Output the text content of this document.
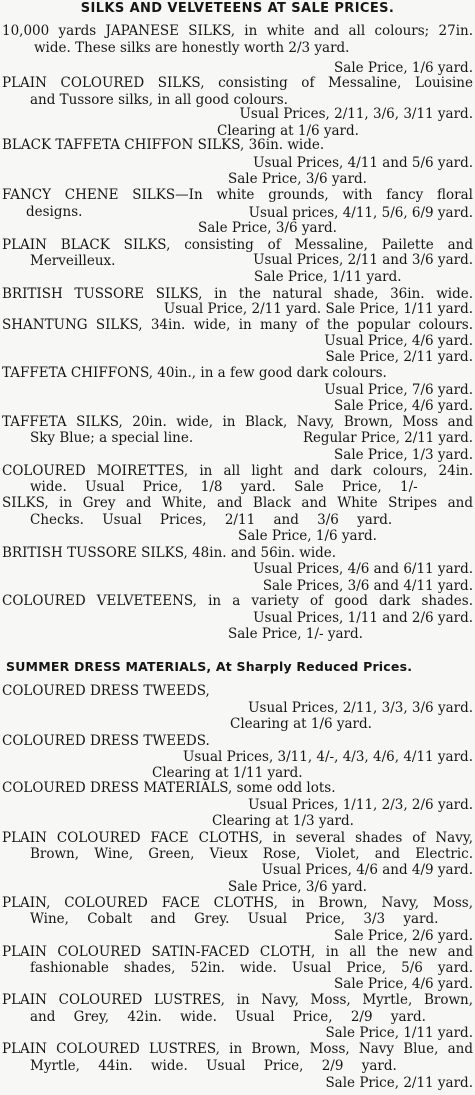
SILKS AND VELVETEENS AT SALE PRICES.
10,000 yards JAPANESE SILKS, in white and all colours; 27in.
wide. These silks are honestly worth 2/3 yard.
Sale Price, 1/6 yard.
PLAIN COLOURED SILKS, consisting of Messaline, Louisine
and Tussore silks, in all good colours.
Usual Prices, 2/11, 3/6, 3/11 yard.
Clearing at 1/6 yard.
BLACK TAFFETA CHIFFON SILKS, 36in. wide.
Usual Prices, 4/11 and 5/6 yard.
Sale Price, 3/6 yard.
FANCY CHENE SILKS—In white grounds, with fancy floral
designs.	Usual prices, 4/11, 5/6, 6/9 yard.
Sale Price, 3/6 yard.
PLAIN BLACK SILKS, consisting of Messaline, Pailette and
Merveilleux.	Usual Prices, 2/11 and 3/6 yard.
Sale Price, 1/11 yard.
BRITISH TUSSORE SILKS, in the natural shade, 36in. wide.
Usual Price, 2/11 yard. Sale Price, 1/11 yard.
SHANTUNG SILKS, 34in. wide, in many of the popular colours.
Usual Price, 4/6 yard.
Sale Price, 2/11 yard.
TAFFETA CHIFFONS, 40in., in a few good dark colours.
Usual Price, 7/6 yard.
Sale Price, 4/6 yard.
TAFFETA SILKS, 20in. wide, in Black, Navy, Brown, Moss and
Sky Blue; a special line.	Regular Price, 2/11 yard.
Sale Price, 1/3 yard.
COLOURED MOIRETTES, in all light and dark colours, 24in.
wide. Usual Price, 1/8 yard. Sale Price, 1/-
SILKS, in Grey and White, and Black and White Stripes and
Checks. Usual Prices, 2/11 and 3/6 yard.
Sale Price, 1/6 yard.
BRITISH TUSSORE SILKS, 48in. and 56in. wide.
Usual Prices, 4/6 and 6/11 yard.
Sale Prices, 3/6 and 4/11 yard.
COLOURED VELVETEENS, in a variety of good dark shades.
Usual Prices, 1/11 and 2/6 yard.
Sale Price, 1/- yard.
SUMMER DRESS MATERIALS, At Sharply Reduced Prices.
COLOURED DRESS TWEEDS,
Usual Prices, 2/11, 3/3, 3/6 yard.
Clearing at 1/6 yard.
COLOURED DRESS TWEEDS.
Usual Prices, 3/11, 4/-, 4/3, 4/6, 4/11 yard.
Clearing at 1/11 yard.
COLOURED DRESS MATERIALS, some odd lots.
Usual Prices, 1/11, 2/3, 2/6 yard.
Clearing at 1/3 yard.
PLAIN COLOURED FACE CLOTHS, in several shades of Navy,
Brown, Wine, Green, Vieux Rose, Violet, and Electric.
Usual Prices, 4/6 and 4/9 yard.
Sale Price, 3/6 yard.
PLAIN, COLOURED FACE CLOTHS, in Brown, Navy, Moss,
Wine, Cobalt and Grey. Usual Price, 3/3 yard.
Sale Price, 2/6 yard.
PLAIN COLOURED SATIN-FACED CLOTH, in all the new and
fashionable shades, 52in. wide. Usual Price, 5/6 yard.
Sale Price, 4/6 yard.
PLAIN COLOURED LUSTRES, in Navy, Moss, Myrtle, Brown,
and Grey, 42in. wide. Usual Price, 2/9 yard.
Sale Price, 1/11 yard.
PLAIN COLOURED LUSTRES, in Brown, Moss, Navy Blue, and
Myrtle, 44in. wide. Usual Price, 2/9 yard.
Sale Price, 2/11 yard.
